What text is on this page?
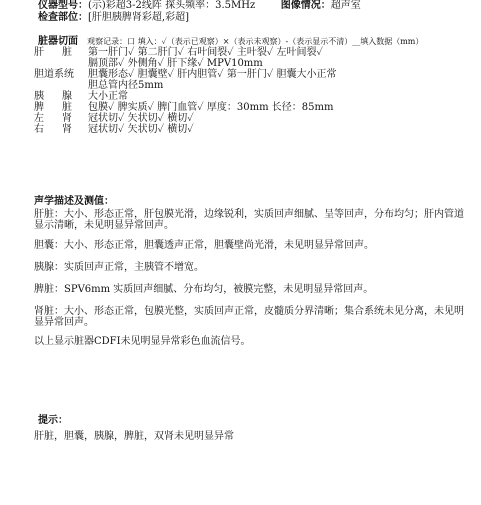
仪器型号：(示)彩超3-2线阵 探头频率：3.5MHz	图像情况：超声室
检查部位：[肝胆胰脾肾彩超,彩超]
脏器切面 观察记录：口 填入：✓（表示已观察）×（表示未观察）-（表示显示不清）__填入数据（mm）
肝 脏 第一肝门✓ 第二肝门✓ 右叶间裂✓ 主叶裂✓ 左叶间裂✓
膈顶部✓ 外侧角✓ 肝下缘✓ MPV10mm
胆道系统 胆囊形态✓ 胆囊壁✓ 肝内胆管✓ 第一肝门✓ 胆囊大小正常
胆总管内径5mm
胰 腺 大小正常
脾 脏 包膜✓ 脾实质✓ 脾门血管✓ 厚度：30mm 长径：85mm
左 肾 冠状切✓ 矢状切✓ 横切✓
右 肾 冠状切✓ 矢状切✓ 横切✓
声学描述及测值：
肝脏：大小、形态正常，肝包膜光滑，边缘锐利，实质回声细腻、呈等回声，分布均匀；肝内管道显示清晰，未见明显异常回声。
胆囊：大小、形态正常，胆囊透声正常，胆囊壁尚光滑，未见明显异常回声。
胰腺：实质回声正常，主胰管不增宽。
脾脏：SPV6mm 实质回声细腻、分布均匀，被膜完整，未见明显异常回声。
肾脏：大小、形态正常，包膜光整，实质回声正常，皮髓质分界清晰；集合系统未见分离，未见明显异常回声。
以上显示脏器CDFI未见明显异常彩色血流信号。
提示：
肝脏，胆囊，胰腺，脾脏，双肾未见明显异常
